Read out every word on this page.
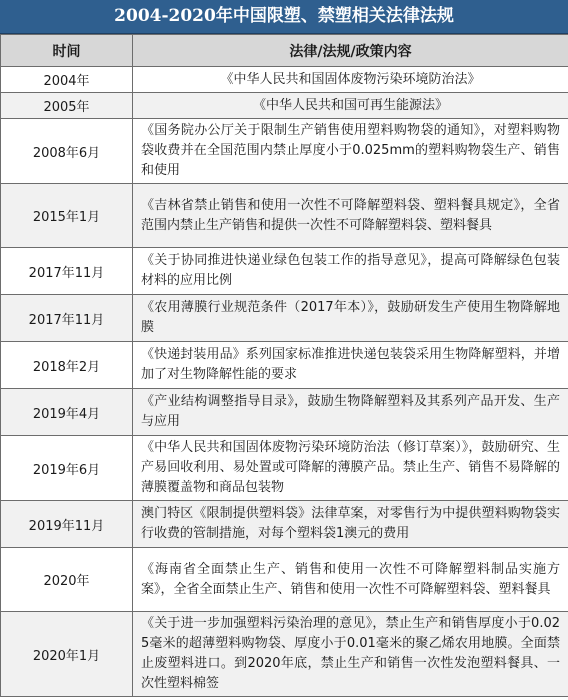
2004-2020年中国限塑、禁塑相关法律法规
时间	法律/法规/政策内容
2004年	《中华人民共和国固体废物污染环境防治法》
2005年	《中华人民共和国可再生能源法》
2008年6月	《国务院办公厅关于限制生产销售使用塑料购物袋的通知》，对塑料购物袋收费并在全国范围内禁止厚度小于0.025mm的塑料购物袋生产、销售和使用
2015年1月	《吉林省禁止销售和使用一次性不可降解塑料袋、塑料餐具规定》，全省范围内禁止生产销售和提供一次性不可降解塑料袋、塑料餐具
2017年11月	《关于协同推进快递业绿色包装工作的指导意见》，提高可降解绿色包装材料的应用比例
2017年11月	《农用薄膜行业规范条件（2017年本）》，鼓励研发生产使用生物降解地膜
2018年2月	《快递封装用品》系列国家标准推进快递包装袋采用生物降解塑料，并增加了对生物降解性能的要求
2019年4月	《产业结构调整指导目录》，鼓励生物降解塑料及其系列产品开发、生产与应用
2019年6月	《中华人民共和国固体废物污染环境防治法（修订草案）》，鼓励研究、生产易回收利用、易处置或可降解的薄膜产品。禁止生产、销售不易降解的薄膜覆盖物和商品包装物
2019年11月	澳门特区《限制提供塑料袋》法律草案，对零售行为中提供塑料购物袋实行收费的管制措施，对每个塑料袋1澳元的费用
2020年	《海南省全面禁止生产、销售和使用一次性不可降解塑料制品实施方案》，全省全面禁止生产、销售和使用一次性不可降解塑料袋、塑料餐具
2020年1月	《关于进一步加强塑料污染治理的意见》，禁止生产和销售厚度小于0.025毫米的超薄塑料购物袋、厚度小于0.01毫米的聚乙烯农用地膜。全面禁止废塑料进口。到2020年底，禁止生产和销售一次性发泡塑料餐具、一次性塑料棉签
